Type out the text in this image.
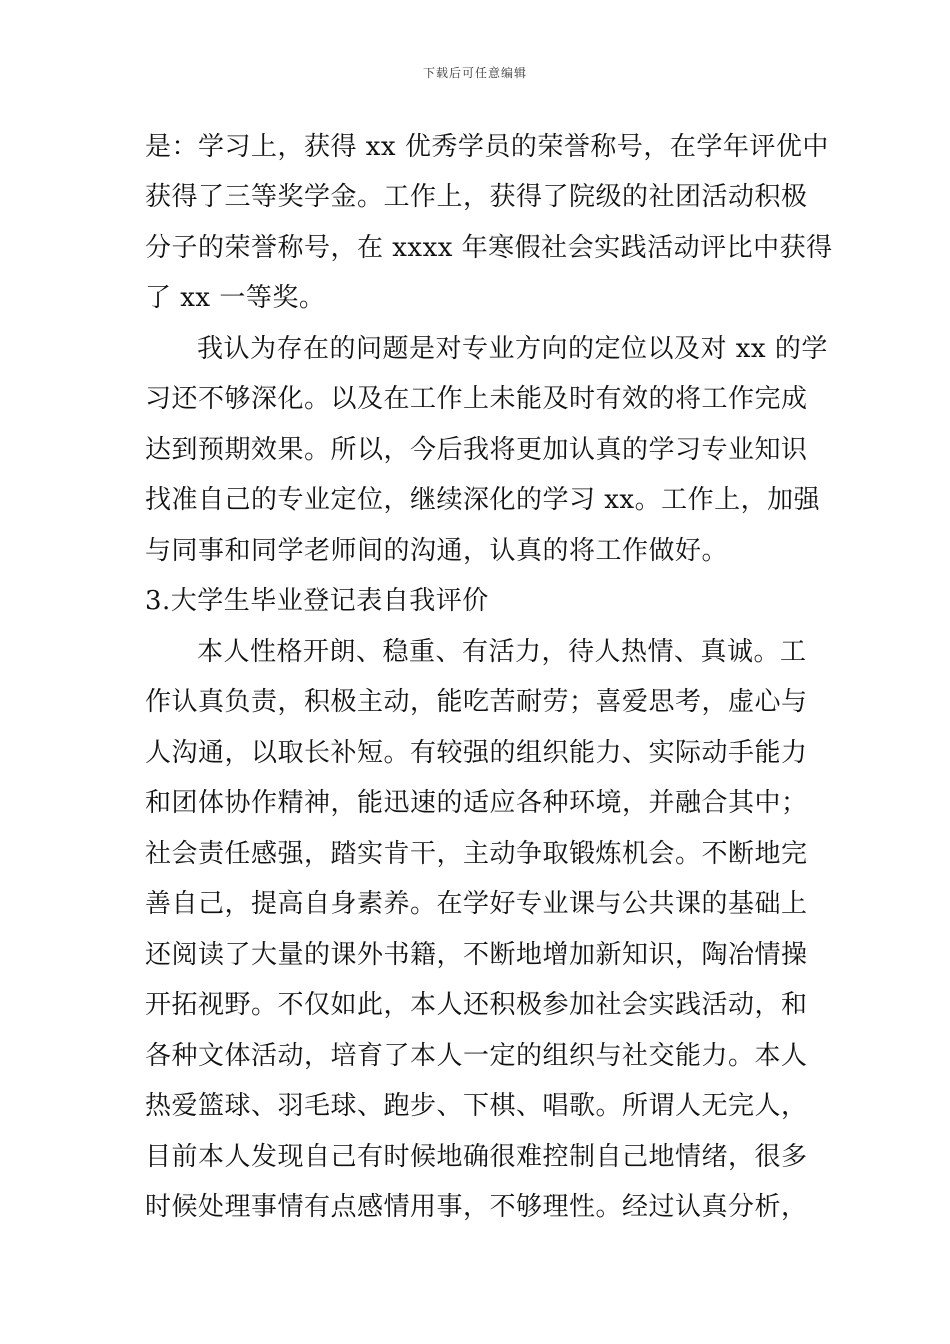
下载后可任意编辑
是：学习上，获得 xx 优秀学员的荣誉称号，在学年评优中
获得了三等奖学金。工作上，获得了院级的社团活动积极
分子的荣誉称号，在 xxxx 年寒假社会实践活动评比中获得
了 xx 一等奖。
我认为存在的问题是对专业方向的定位以及对 xx 的学
习还不够深化。以及在工作上未能及时有效的将工作完成
达到预期效果。所以，今后我将更加认真的学习专业知识
找准自己的专业定位，继续深化的学习 xx。工作上，加强
与同事和同学老师间的沟通，认真的将工作做好。
3.大学生毕业登记表自我评价
本人性格开朗、稳重、有活力，待人热情、真诚。工
作认真负责，积极主动，能吃苦耐劳；喜爱思考，虚心与
人沟通，以取长补短。有较强的组织能力、实际动手能力
和团体协作精神，能迅速的适应各种环境，并融合其中；
社会责任感强，踏实肯干，主动争取锻炼机会。不断地完
善自己，提高自身素养。在学好专业课与公共课的基础上
还阅读了大量的课外书籍，不断地增加新知识，陶冶情操
开拓视野。不仅如此，本人还积极参加社会实践活动，和
各种文体活动，培育了本人一定的组织与社交能力。本人
热爱篮球、羽毛球、跑步、下棋、唱歌。所谓人无完人，
目前本人发现自己有时候地确很难控制自己地情绪，很多
时候处理事情有点感情用事，不够理性。经过认真分析，
